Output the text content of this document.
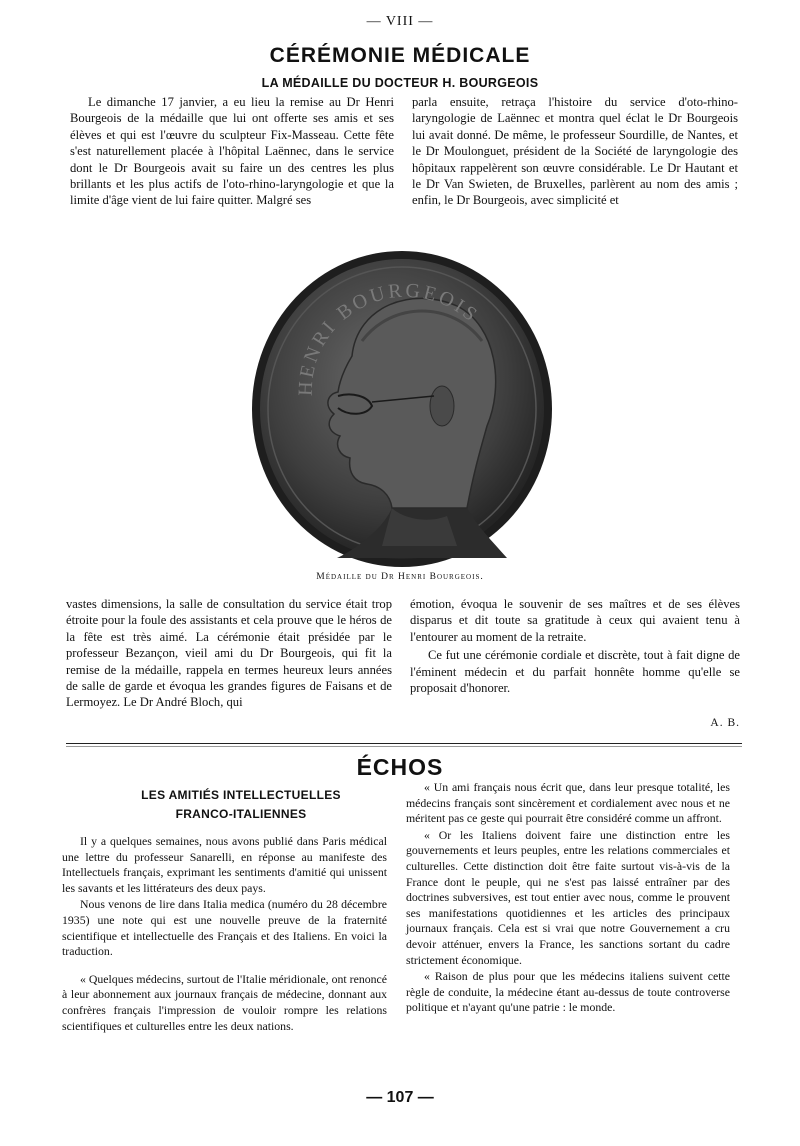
— VIII —
CÉRÉMONIE MÉDICALE
LA MÉDAILLE DU DOCTEUR H. BOURGEOIS

Le dimanche 17 janvier, a eu lieu la remise au Dr Henri Bourgeois de la médaille que lui ont offerte ses amis et ses élèves et qui est l'œuvre du sculpteur Fix-Masseau. Cette fête s'est naturellement placée à l'hôpital Laënnec, dans le service dont le Dr Bourgeois avait su faire un des centres les plus brillants et les plus actifs de l'oto-rhino-laryngologie et que la limite d'âge vient de lui faire quitter. Malgré ses

parla ensuite, retraça l'histoire du service d'oto-rhino-laryngologie de Laënnec et montra quel éclat le Dr Bourgeois lui avait donné. De même, le professeur Sourdille, de Nantes, et le Dr Moulonguet, président de la Société de laryngologie des hôpitaux rappelèrent son œuvre considérable. Le Dr Hautant et le Dr Van Swieten, de Bruxelles, parlèrent au nom des amis ; enfin, le Dr Bourgeois, avec simplicité et

HENRI BOURGEOIS
Médaille du Dr Henri Bourgeois.

vastes dimensions, la salle de consultation du service était trop étroite pour la foule des assistants et cela prouve que le héros de la fête est très aimé. La cérémonie était présidée par le professeur Bezançon, vieil ami du Dr Bourgeois, qui fit la remise de la médaille, rappela en termes heureux leurs années de salle de garde et évoqua les grandes figures de Faisans et de Lermoyez. Le Dr André Bloch, qui

émotion, évoqua le souvenir de ses maîtres et de ses élèves disparus et dit toute sa gratitude à ceux qui avaient tenu à l'entourer au moment de la retraite.

Ce fut une cérémonie cordiale et discrète, tout à fait digne de l'éminent médecin et du parfait honnête homme qu'elle se proposait d'honorer.

A. B.
ÉCHOS
LES AMITIÉS INTELLECTUELLES
FRANCO-ITALIENNES

Il y a quelques semaines, nous avons publié dans Paris médical une lettre du professeur Sanarelli, en réponse au manifeste des Intellectuels français, exprimant les sentiments d'amitié qui unissent les savants et les littérateurs des deux pays.

Nous venons de lire dans Italia medica (numéro du 28 décembre 1935) une note qui est une nouvelle preuve de la fraternité scientifique et intellectuelle des Français et des Italiens. En voici la traduction.

« Quelques médecins, surtout de l'Italie méridionale, ont renoncé à leur abonnement aux journaux français de médecine, donnant aux confrères français l'impression de vouloir rompre les relations scientifiques et culturelles entre les deux nations.

« Un ami français nous écrit que, dans leur presque totalité, les médecins français sont sincèrement et cordialement avec nous et ne méritent pas ce geste qui pourrait être considéré comme un affront.

« Or les Italiens doivent faire une distinction entre les gouvernements et leurs peuples, entre les relations commerciales et culturelles. Cette distinction doit être faite surtout vis-à-vis de la France dont le peuple, qui ne s'est pas laissé entraîner par des doctrines subversives, est tout entier avec nous, comme le prouvent ses manifestations quotidiennes et les articles des principaux journaux français. Cela est si vrai que notre Gouvernement a cru devoir atténuer, envers la France, les sanctions sortant du cadre strictement économique.

« Raison de plus pour que les médecins italiens suivent cette règle de conduite, la médecine étant au-dessus de toute controverse politique et n'ayant qu'une patrie : le monde.

— 107 —
